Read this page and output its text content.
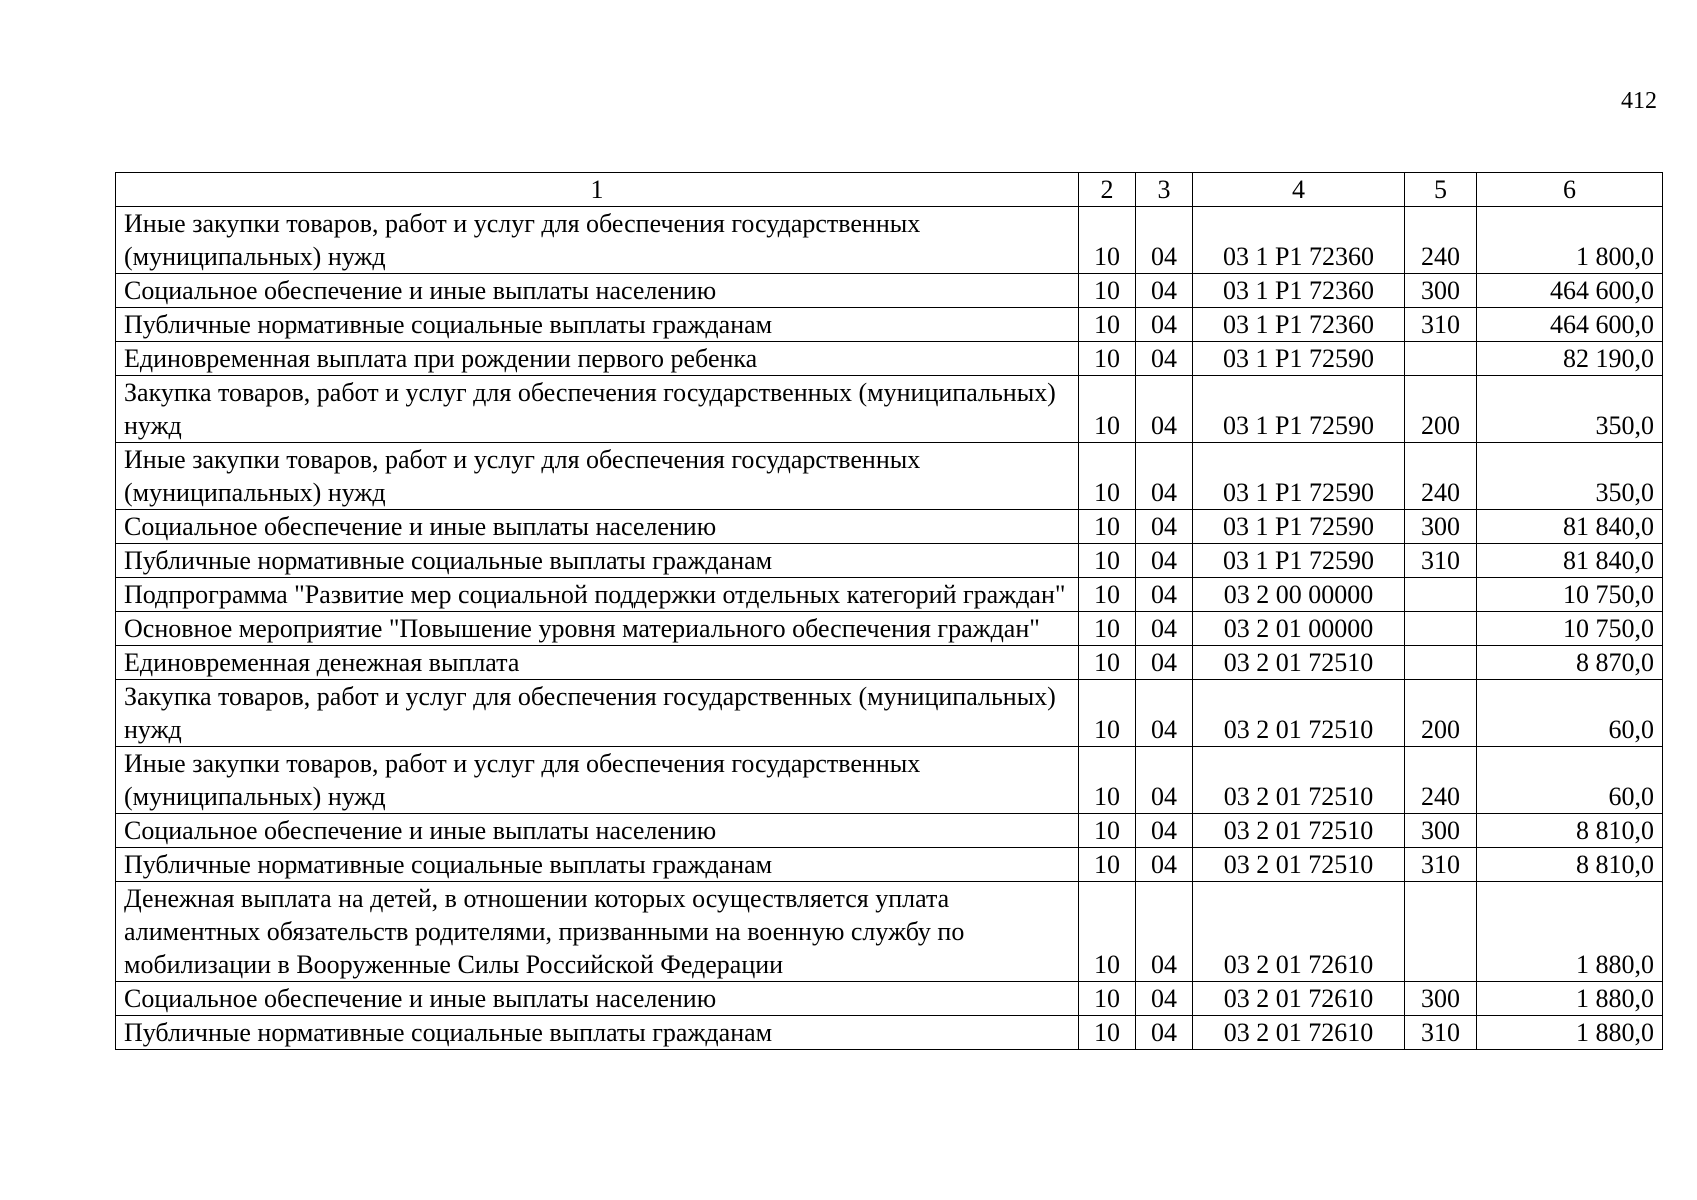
412
1	2	3	4	5	6
Иные закупки товаров, работ и услуг для обеспечения государственных (муниципальных) нужд	10	04	03 1 P1 72360	240	1 800,0
Социальное обеспечение и иные выплаты населению	10	04	03 1 P1 72360	300	464 600,0
Публичные нормативные социальные выплаты гражданам	10	04	03 1 P1 72360	310	464 600,0
Единовременная выплата при рождении первого ребенка	10	04	03 1 P1 72590		82 190,0
Закупка товаров, работ и услуг для обеспечения государственных (муниципальных) нужд	10	04	03 1 P1 72590	200	350,0
Иные закупки товаров, работ и услуг для обеспечения государственных (муниципальных) нужд	10	04	03 1 P1 72590	240	350,0
Социальное обеспечение и иные выплаты населению	10	04	03 1 P1 72590	300	81 840,0
Публичные нормативные социальные выплаты гражданам	10	04	03 1 P1 72590	310	81 840,0
Подпрограмма "Развитие мер социальной поддержки отдельных категорий граждан"	10	04	03 2 00 00000		10 750,0
Основное мероприятие "Повышение уровня материального обеспечения граждан"	10	04	03 2 01 00000		10 750,0
Единовременная денежная выплата	10	04	03 2 01 72510		8 870,0
Закупка товаров, работ и услуг для обеспечения государственных (муниципальных) нужд	10	04	03 2 01 72510	200	60,0
Иные закупки товаров, работ и услуг для обеспечения государственных (муниципальных) нужд	10	04	03 2 01 72510	240	60,0
Социальное обеспечение и иные выплаты населению	10	04	03 2 01 72510	300	8 810,0
Публичные нормативные социальные выплаты гражданам	10	04	03 2 01 72510	310	8 810,0
Денежная выплата на детей, в отношении которых осуществляется уплата алиментных обязательств родителями, призванными на военную службу по мобилизации в Вооруженные Силы Российской Федерации	10	04	03 2 01 72610		1 880,0
Социальное обеспечение и иные выплаты населению	10	04	03 2 01 72610	300	1 880,0
Публичные нормативные социальные выплаты гражданам	10	04	03 2 01 72610	310	1 880,0
